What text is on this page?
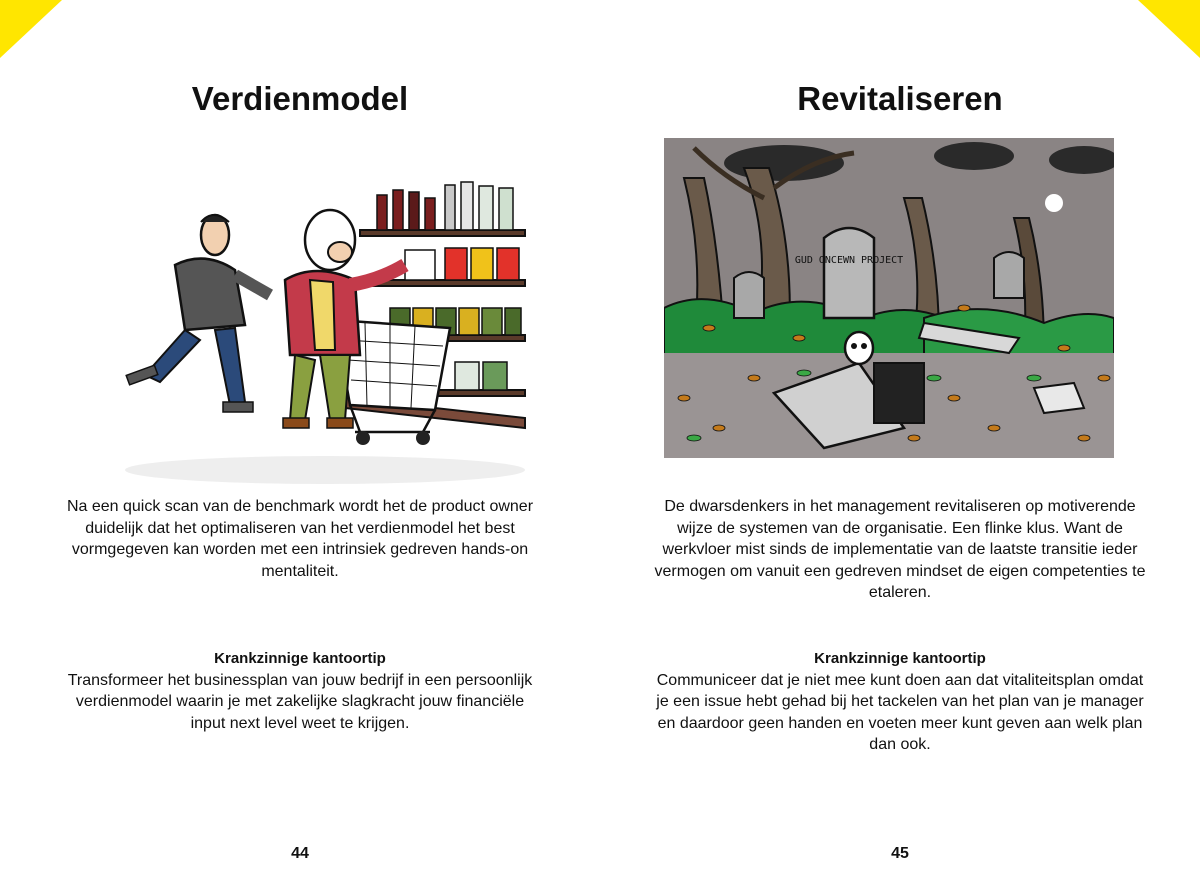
Verdienmodel

Na een quick scan van de benchmark wordt het de product owner duidelijk dat het optimaliseren van het verdienmodel het best vormgegeven kan worden met een intrinsiek gedreven hands-on mentaliteit.

Krankzinnige kantoortip

Transformeer het businessplan van jouw bedrijf in een persoonlijk verdienmodel waarin je met zakelijke slagkracht jouw financiële input next level weet te krijgen.

44
Revitaliseren
GUD ONCEWN PROJECT

De dwarsdenkers in het management revitaliseren op motiverende wijze de systemen van de organisatie. Een flinke klus. Want de werkvloer mist sinds de implementatie van de laatste transitie ieder vermogen om vanuit een gedreven mindset de eigen competenties te etaleren.

Krankzinnige kantoortip

Communiceer dat je niet mee kunt doen aan dat vitaliteitsplan omdat je een issue hebt gehad bij het tackelen van het plan van je manager en daardoor geen handen en voeten meer kunt geven aan welk plan dan ook.

45
